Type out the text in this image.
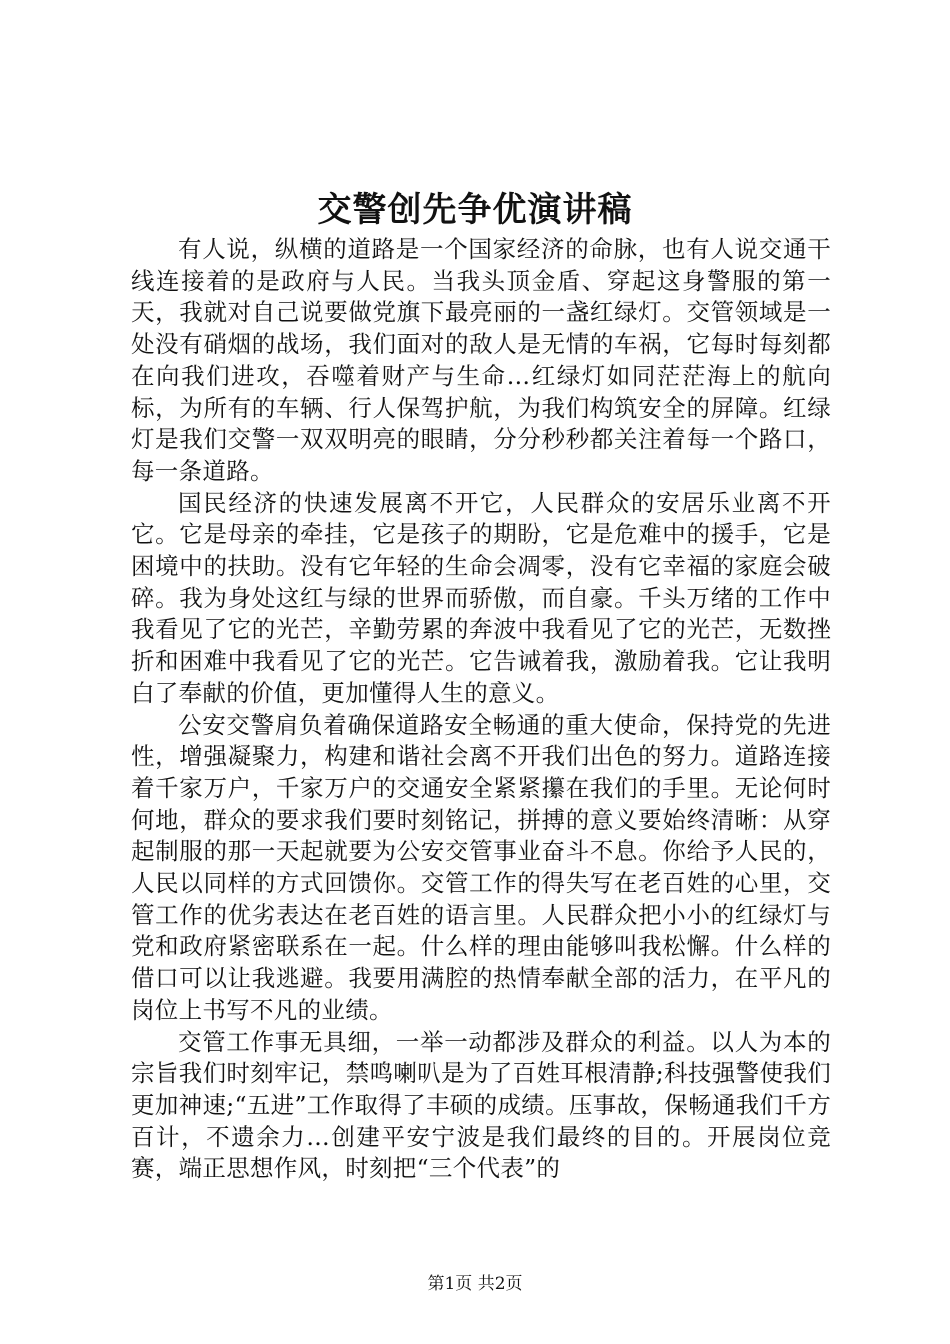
交警创先争优演讲稿

有人说，纵横的道路是一个国家经济的命脉，也有人说交通干线连接着的是政府与人民。当我头顶金盾、穿起这身警服的第一天，我就对自己说要做党旗下最亮丽的一盏红绿灯。交管领域是一处没有硝烟的战场，我们面对的敌人是无情的车祸，它每时每刻都在向我们进攻，吞噬着财产与生命…红绿灯如同茫茫海上的航向标，为所有的车辆、行人保驾护航，为我们构筑安全的屏障。红绿灯是我们交警一双双明亮的眼睛，分分秒秒都关注着每一个路口，每一条道路。

国民经济的快速发展离不开它，人民群众的安居乐业离不开它。它是母亲的牵挂，它是孩子的期盼，它是危难中的援手，它是困境中的扶助。没有它年轻的生命会凋零，没有它幸福的家庭会破碎。我为身处这红与绿的世界而骄傲，而自豪。千头万绪的工作中我看见了它的光芒，辛勤劳累的奔波中我看见了它的光芒，无数挫折和困难中我看见了它的光芒。它告诫着我，激励着我。它让我明白了奉献的价值，更加懂得人生的意义。

公安交警肩负着确保道路安全畅通的重大使命，保持党的先进性，增强凝聚力，构建和谐社会离不开我们出色的努力。道路连接着千家万户，千家万户的交通安全紧紧攥在我们的手里。无论何时何地，群众的要求我们要时刻铭记，拼搏的意义要始终清晰：从穿起制服的那一天起就要为公安交管事业奋斗不息。你给予人民的，人民以同样的方式回馈你。交管工作的得失写在老百姓的心里，交管工作的优劣表达在老百姓的语言里。人民群众把小小的红绿灯与党和政府紧密联系在一起。什么样的理由能够叫我松懈。什么样的借口可以让我逃避。我要用满腔的热情奉献全部的活力，在平凡的岗位上书写不凡的业绩。

交管工作事无具细，一举一动都涉及群众的利益。以人为本的宗旨我们时刻牢记，禁鸣喇叭是为了百姓耳根清静;科技强警使我们更加神速;“五进”工作取得了丰硕的成绩。压事故，保畅通我们千方百计，不遗余力…创建平安宁波是我们最终的目的。开展岗位竞赛，端正思想作风，时刻把“三个代表”的

第1页 共2页
